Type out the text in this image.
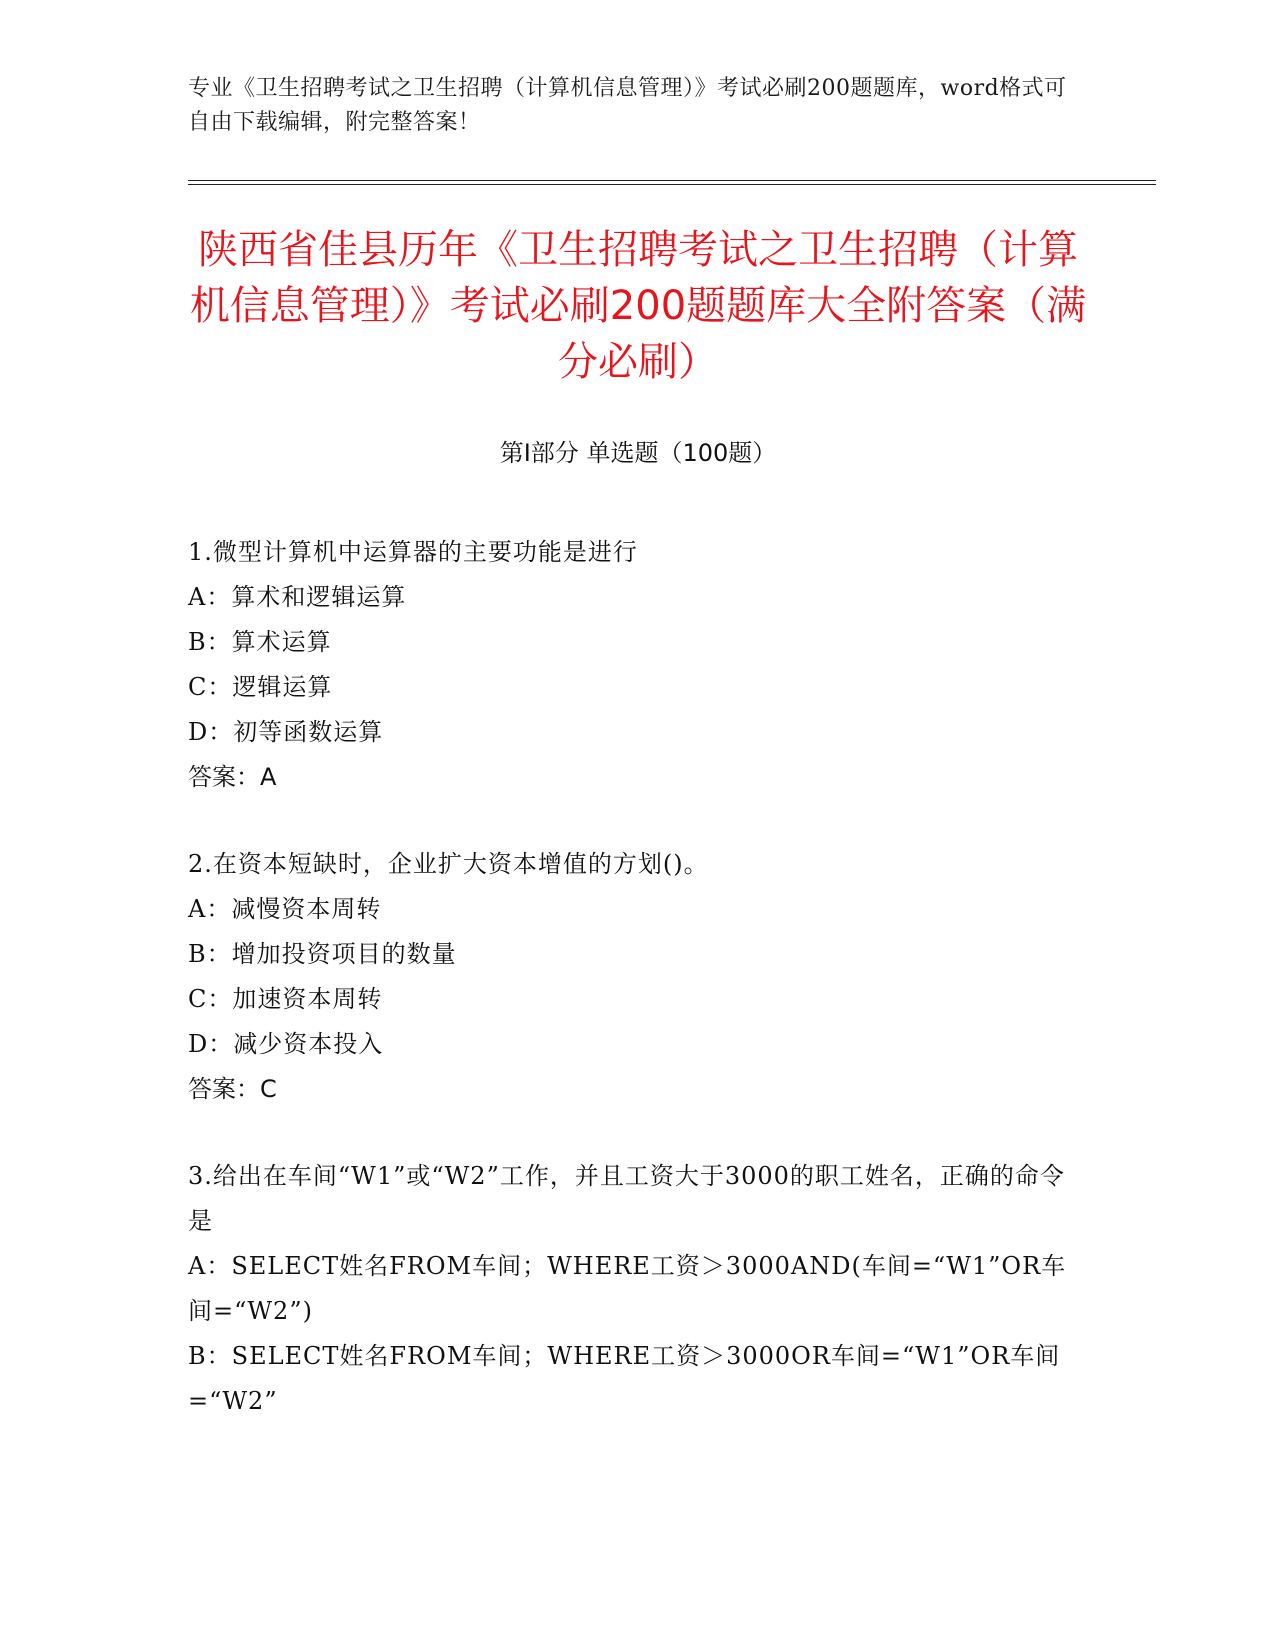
专业《卫生招聘考试之卫生招聘（计算机信息管理）》考试必刷200题题库，word格式可自由下载编辑，附完整答案！
陕西省佳县历年《卫生招聘考试之卫生招聘（计算机信息管理）》考试必刷200题题库大全附答案（满分必刷）
第Ⅰ部分 单选题（100题）
1.微型计算机中运算器的主要功能是进行
A：算术和逻辑运算
B：算术运算
C：逻辑运算
D：初等函数运算
答案：A
2.在资本短缺时，企业扩大资本增值的方划()。
A：减慢资本周转
B：增加投资项目的数量
C：加速资本周转
D：减少资本投入
答案：C
3.给出在车间“W1”或“W2”工作，并且工资大于3000的职工姓名，正确的命令是
A：SELECT姓名FROM车间；WHERE工资＞3000AND(车间=“W1”OR车间=“W2”)
B：SELECT姓名FROM车间；WHERE工资＞3000OR车间=“W1”OR车间=“W2”
